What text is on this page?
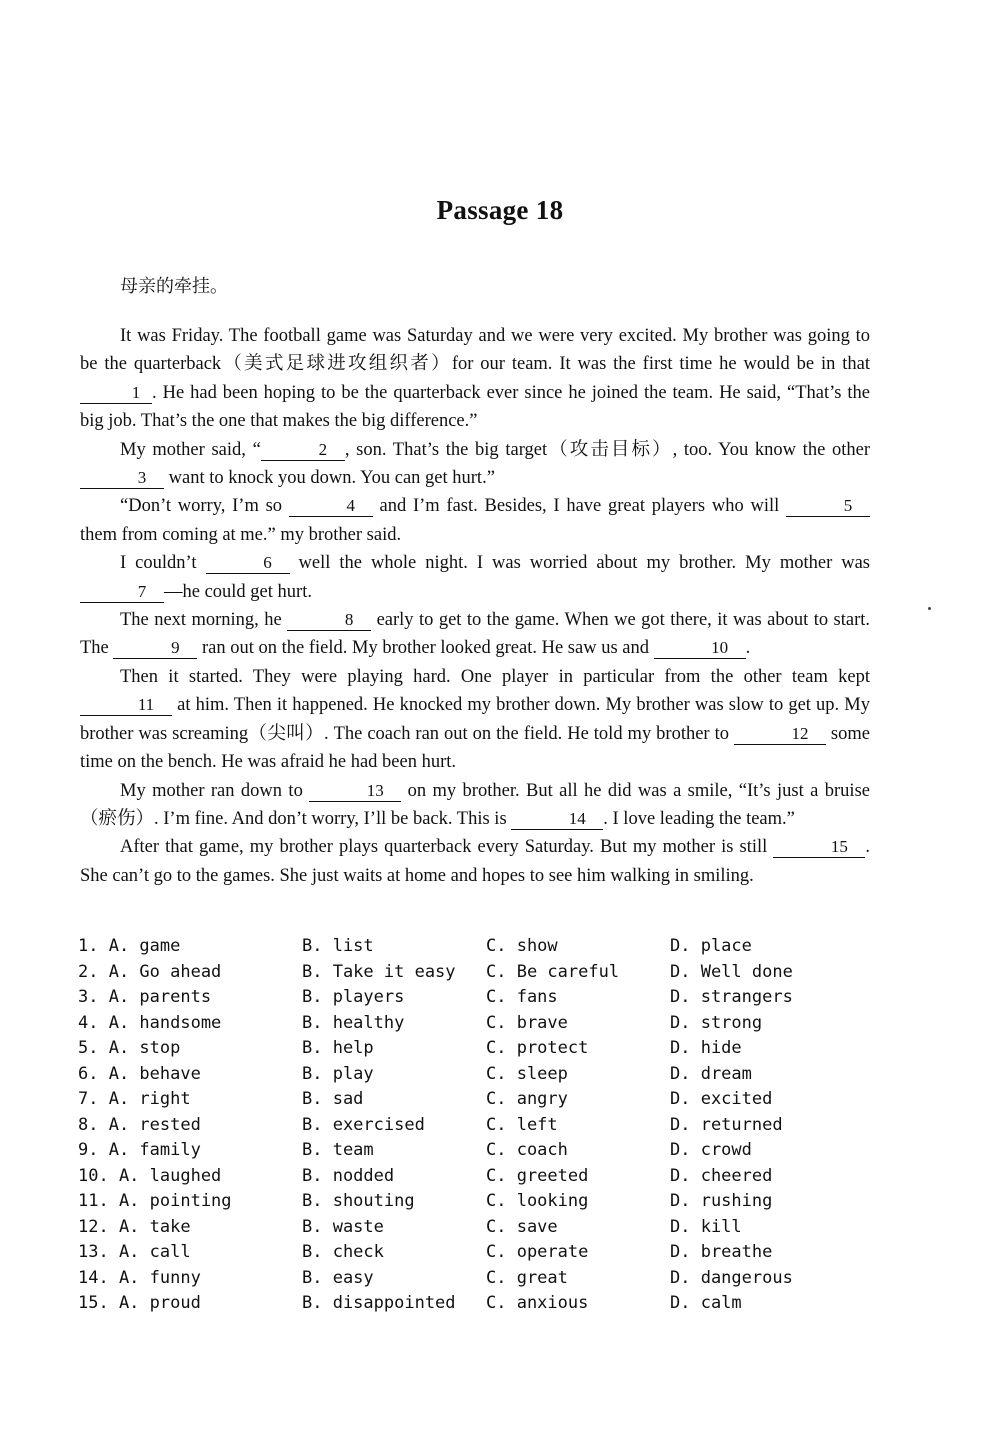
Passage 18
母亲的牵挂。

It was Friday. The football game was Saturday and we were very excited. My brother was going to be the quarterback（美式足球进攻组织者）for our team. It was the first time he would be in that 1 . He had been hoping to be the quarterback ever since he joined the team. He said, “That’s the big job. That’s the one that makes the big difference.”

My mother said, “	2 , son. That’s the big target（攻击目标）, too. You know the other 3 want to knock you down. You can get hurt.”

“Don’t worry, I’m so	4 and I’m fast. Besides, I have great players who will	5 them from coming at me.” my brother said.

I couldn’t	6 well the whole night. I was worried about my brother. My mother was 7 —he could get hurt.

The next morning, he	8 early to get to the game. When we got there, it was about to start. The	9 ran out on the field. My brother looked great. He saw us and	10 .

Then it started. They were playing hard. One player in particular from the other team kept 11 at him. Then it happened. He knocked my brother down. My brother was slow to get up. My brother was screaming（尖叫）. The coach ran out on the field. He told my brother to	12 some time on the bench. He was afraid he had been hurt.

My mother ran down to	13 on my brother. But all he did was a smile, “It’s just a bruise（瘀伤）. I’m fine. And don’t worry, I’ll be back. This is	14 . I love leading the team.”

After that game, my brother plays quarterback every Saturday. But my mother is still	15 . She can’t go to the games. She just waits at home and hopes to see him walking in smiling.

1. A. game	B. list	C. show	D. place
2. A. Go ahead	B. Take it easy C. Be careful	D. Well done
3. A. parents	B. players	C. fans	D. strangers
4. A. handsome	B. healthy	C. brave	D. strong
5. A. stop	B. help	C. protect	D. hide
6. A. behave	B. play	C. sleep	D. dream
7. A. right	B. sad	C. angry	D. excited
8. A. rested	B. exercised	C. left	D. returned
9. A. family	B. team	C. coach	D. crowd
10. A. laughed	B. nodded	C. greeted	D. cheered
11. A. pointing	B. shouting	C. looking	D. rushing
12. A. take	B. waste	C. save	D. kill
13. A. call	B. check	C. operate	D. breathe
14. A. funny	B. easy	C. great	D. dangerous
15. A. proud	B. disappointed C. anxious	D. calm
